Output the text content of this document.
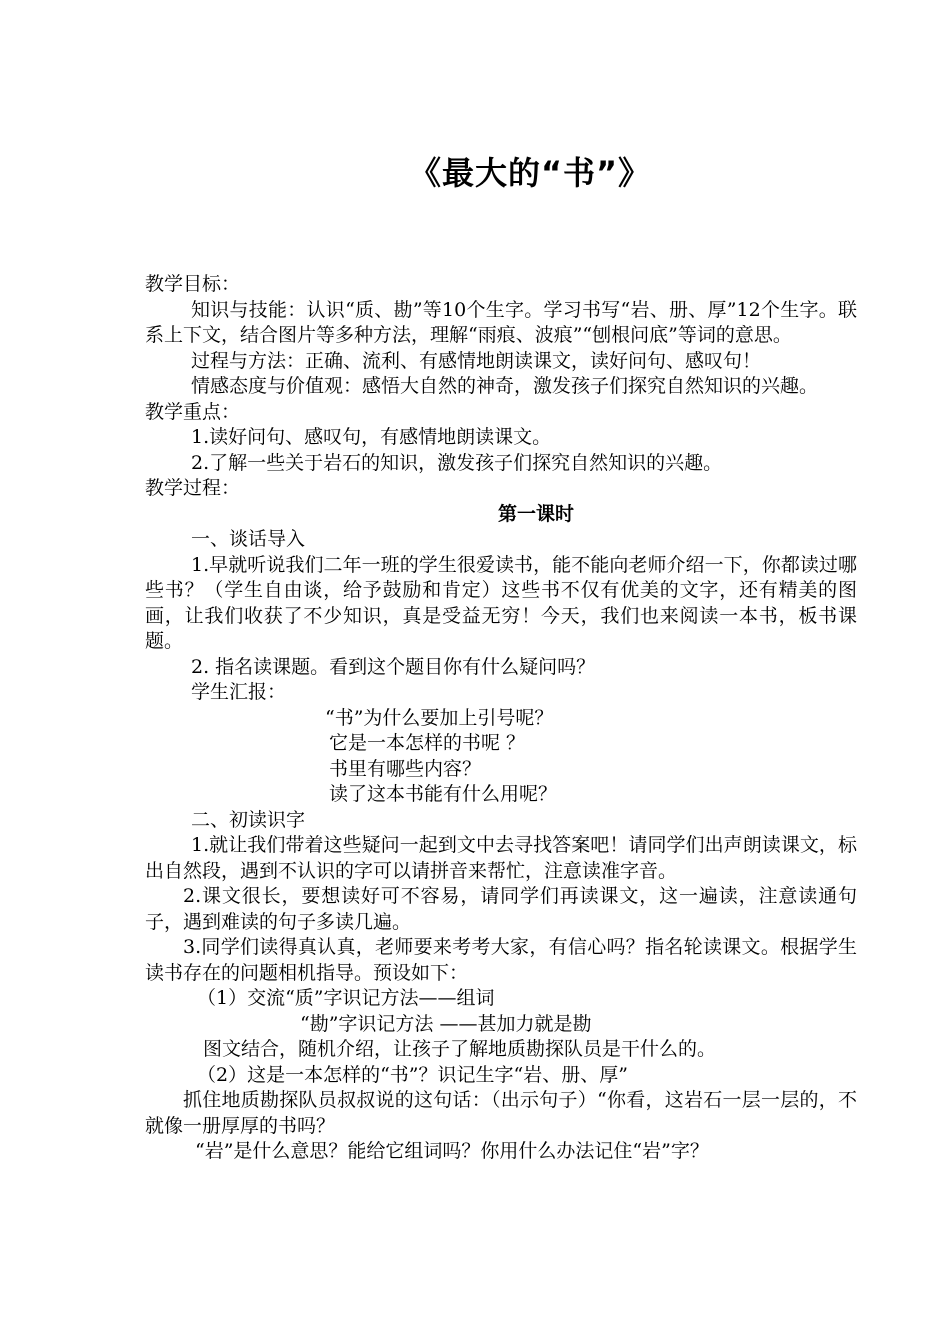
《最大的“书”》
教学目标：
知识与技能：认识“质、勘”等10个生字。学习书写“岩、册、厚”12个生字。联系上下文，结合图片等多种方法，理解“雨痕、波痕”“刨根问底”等词的意思。
过程与方法：正确、流利、有感情地朗读课文，读好问句、感叹句！
情感态度与价值观：感悟大自然的神奇，激发孩子们探究自然知识的兴趣。
教学重点：
1.读好问句、感叹句，有感情地朗读课文。
2.了解一些关于岩石的知识，激发孩子们探究自然知识的兴趣。
教学过程：
第一课时
一、谈话导入
1.早就听说我们二年一班的学生很爱读书，能不能向老师介绍一下，你都读过哪些书？（学生自由谈，给予鼓励和肯定）这些书不仅有优美的文字，还有精美的图画，让我们收获了不少知识，真是受益无穷！今天，我们也来阅读一本书，板书课题。
2. 指名读课题。看到这个题目你有什么疑问吗？
学生汇报：
“书”为什么要加上引号呢？
它是一本怎样的书呢 ？
书里有哪些内容？
读了这本书能有什么用呢？
二、初读识字
1.就让我们带着这些疑问一起到文中去寻找答案吧！请同学们出声朗读课文，标出自然段，遇到不认识的字可以请拼音来帮忙，注意读准字音。
2.课文很长，要想读好可不容易，请同学们再读课文，这一遍读，注意读通句子，遇到难读的句子多读几遍。
3.同学们读得真认真，老师要来考考大家，有信心吗？指名轮读课文。根据学生读书存在的问题相机指导。预设如下：
（1）交流“质”字识记方法——组词
“勘”字识记方法 ——甚加力就是勘
图文结合，随机介绍，让孩子了解地质勘探队员是干什么的。
（2）这是一本怎样的“书”？识记生字“岩、册、厚”
抓住地质勘探队员叔叔说的这句话：（出示句子）“你看，这岩石一层一层的，不就像一册厚厚的书吗？
“岩”是什么意思？能给它组词吗？你用什么办法记住“岩”字？
